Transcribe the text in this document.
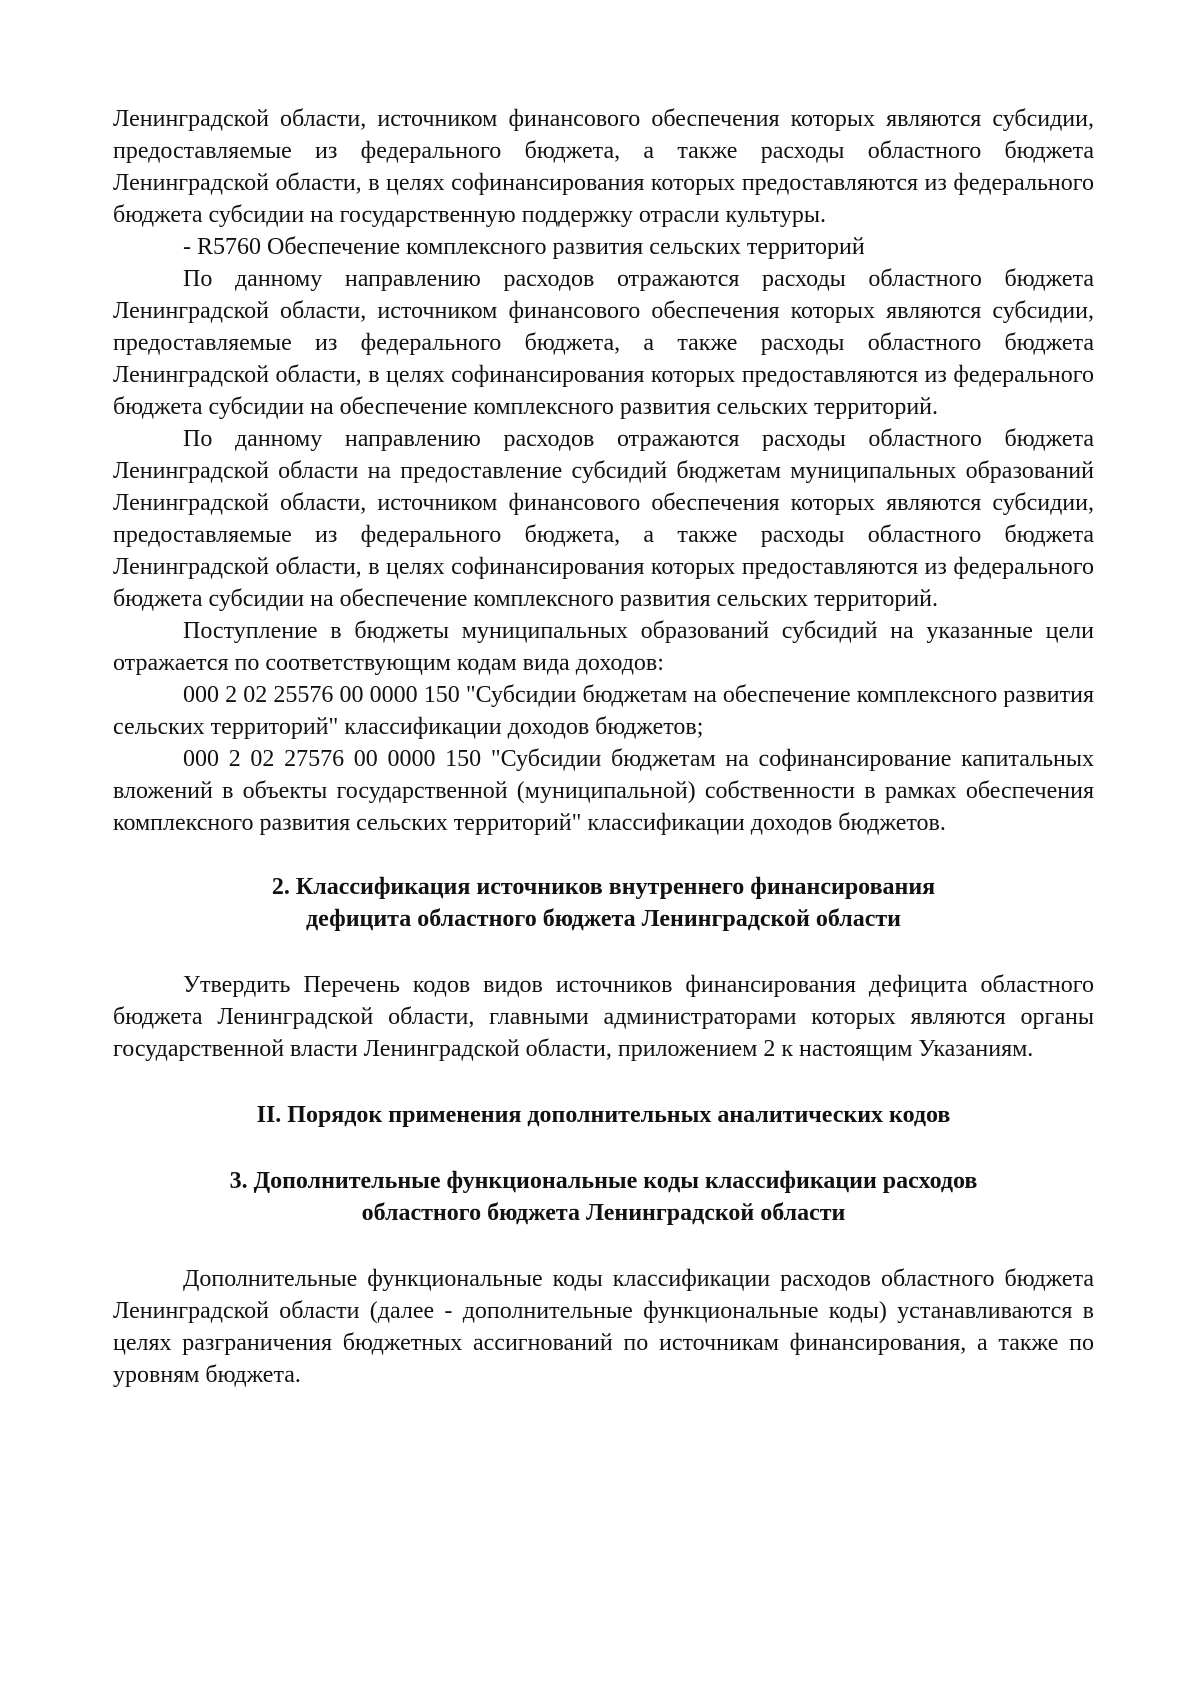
Ленинградской области, источником финансового обеспечения которых являются субсидии, предоставляемые из федерального бюджета, а также расходы областного бюджета Ленинградской области, в целях софинансирования которых предоставляются из федерального бюджета субсидии на государственную поддержку отрасли культуры.

- R5760 Обеспечение комплексного развития сельских территорий

По данному направлению расходов отражаются расходы областного бюджета Ленинградской области, источником финансового обеспечения которых являются субсидии, предоставляемые из федерального бюджета, а также расходы областного бюджета Ленинградской области, в целях софинансирования которых предоставляются из федерального бюджета субсидии на обеспечение комплексного развития сельских территорий.

По данному направлению расходов отражаются расходы областного бюджета Ленинградской области на предоставление субсидий бюджетам муниципальных образований Ленинградской области, источником финансового обеспечения которых являются субсидии, предоставляемые из федерального бюджета, а также расходы областного бюджета Ленинградской области, в целях софинансирования которых предоставляются из федерального бюджета субсидии на обеспечение комплексного развития сельских территорий.

Поступление в бюджеты муниципальных образований субсидий на указанные цели отражается по соответствующим кодам вида доходов:

000 2 02 25576 00 0000 150 "Субсидии бюджетам на обеспечение комплексного развития сельских территорий" классификации доходов бюджетов;

000 2 02 27576 00 0000 150 "Субсидии бюджетам на софинансирование капитальных вложений в объекты государственной (муниципальной) собственности в рамках обеспечения комплексного развития сельских территорий" классификации доходов бюджетов.

2. Классификация источников внутреннего финансирования

дефицита областного бюджета Ленинградской области

Утвердить Перечень кодов видов источников финансирования дефицита областного бюджета Ленинградской области, главными администраторами которых являются органы государственной власти Ленинградской области, приложением 2 к настоящим Указаниям.

II. Порядок применения дополнительных аналитических кодов

3. Дополнительные функциональные коды классификации расходов

областного бюджета Ленинградской области

Дополнительные функциональные коды классификации расходов областного бюджета Ленинградской области (далее - дополнительные функциональные коды) устанавливаются в целях разграничения бюджетных ассигнований по источникам финансирования, а также по уровням бюджета.
